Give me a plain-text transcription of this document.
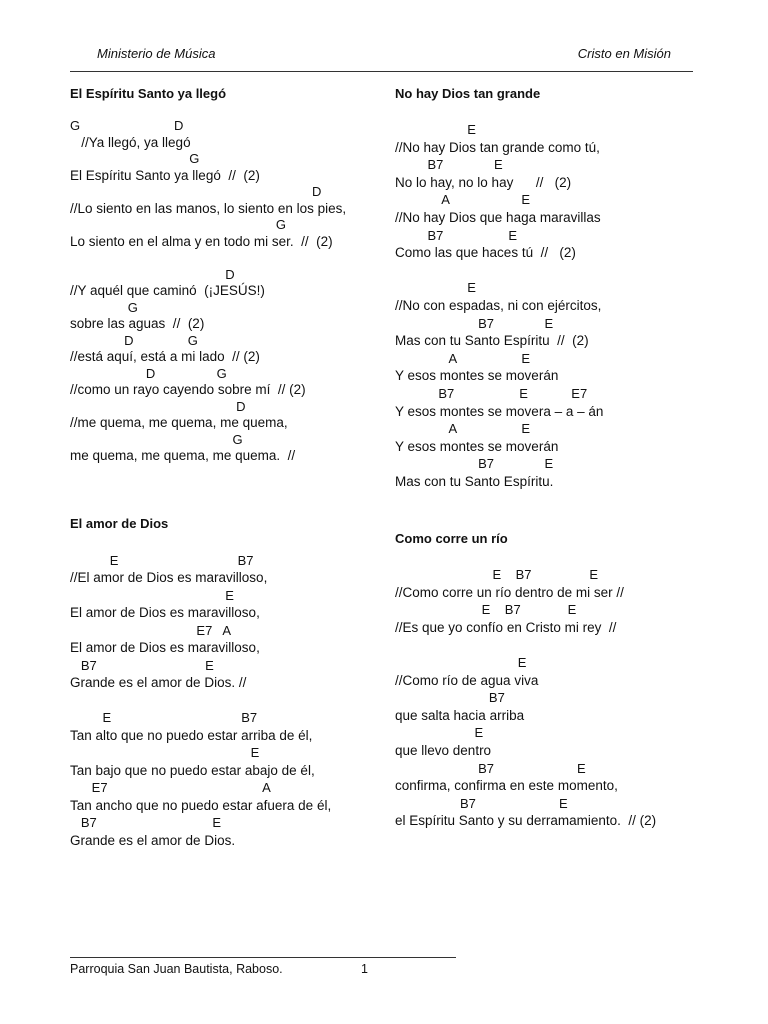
Ministerio de Música	Cristo en Misión
El Espíritu Santo ya llegó
G                          D
//Ya llegó, ya llegó
G
El Espíritu Santo ya llegó  //  (2)
D
//Lo siento en las manos, lo siento en los pies,
G
Lo siento en el alma y en todo mi ser.  //  (2)
D
//Y aquél que caminó  (¡JESÚS!)
G
sobre las aguas  //  (2)
D               G
//está aquí, está a mi lado  // (2)
D                 G
//como un rayo cayendo sobre mí  // (2)
D
//me quema, me quema, me quema,
G
me quema, me quema, me quema.  //
El amor de Dios
E                                 B7
//El amor de Dios es maravilloso,
E
El amor de Dios es maravilloso,
E7   A
El amor de Dios es maravilloso,
B7                              E
Grande es el amor de Dios. //
E                                    B7
Tan alto que no puedo estar arriba de él,
E
Tan bajo que no puedo estar abajo de él,
E7                                           A
Tan ancho que no puedo estar afuera de él,
B7                                E
Grande es el amor de Dios.
No hay Dios tan grande
E
//No hay Dios tan grande como tú,
B7              E
No lo hay, no lo hay      //   (2)
A                    E
//No hay Dios que haga maravillas
B7                  E
Como las que haces tú  //   (2)
E
//No con espadas, ni con ejércitos,
B7              E
Mas con tu Santo Espíritu  //  (2)
A                  E
Y esos montes se moverán
B7                  E            E7
Y esos montes se movera – a – án
A                  E
Y esos montes se moverán
B7              E
Mas con tu Santo Espíritu.
Como corre un río
E    B7                E
//Como corre un río dentro de mi ser //
E    B7             E
//Es que yo confío en Cristo mi rey  //
E
//Como río de agua viva
B7
que salta hacia arriba
E
que llevo dentro
B7                       E
confirma, confirma en este momento,
B7                       E
el Espíritu Santo y su derramamiento.  // (2)
Parroquia San Juan Bautista, Raboso.	1
